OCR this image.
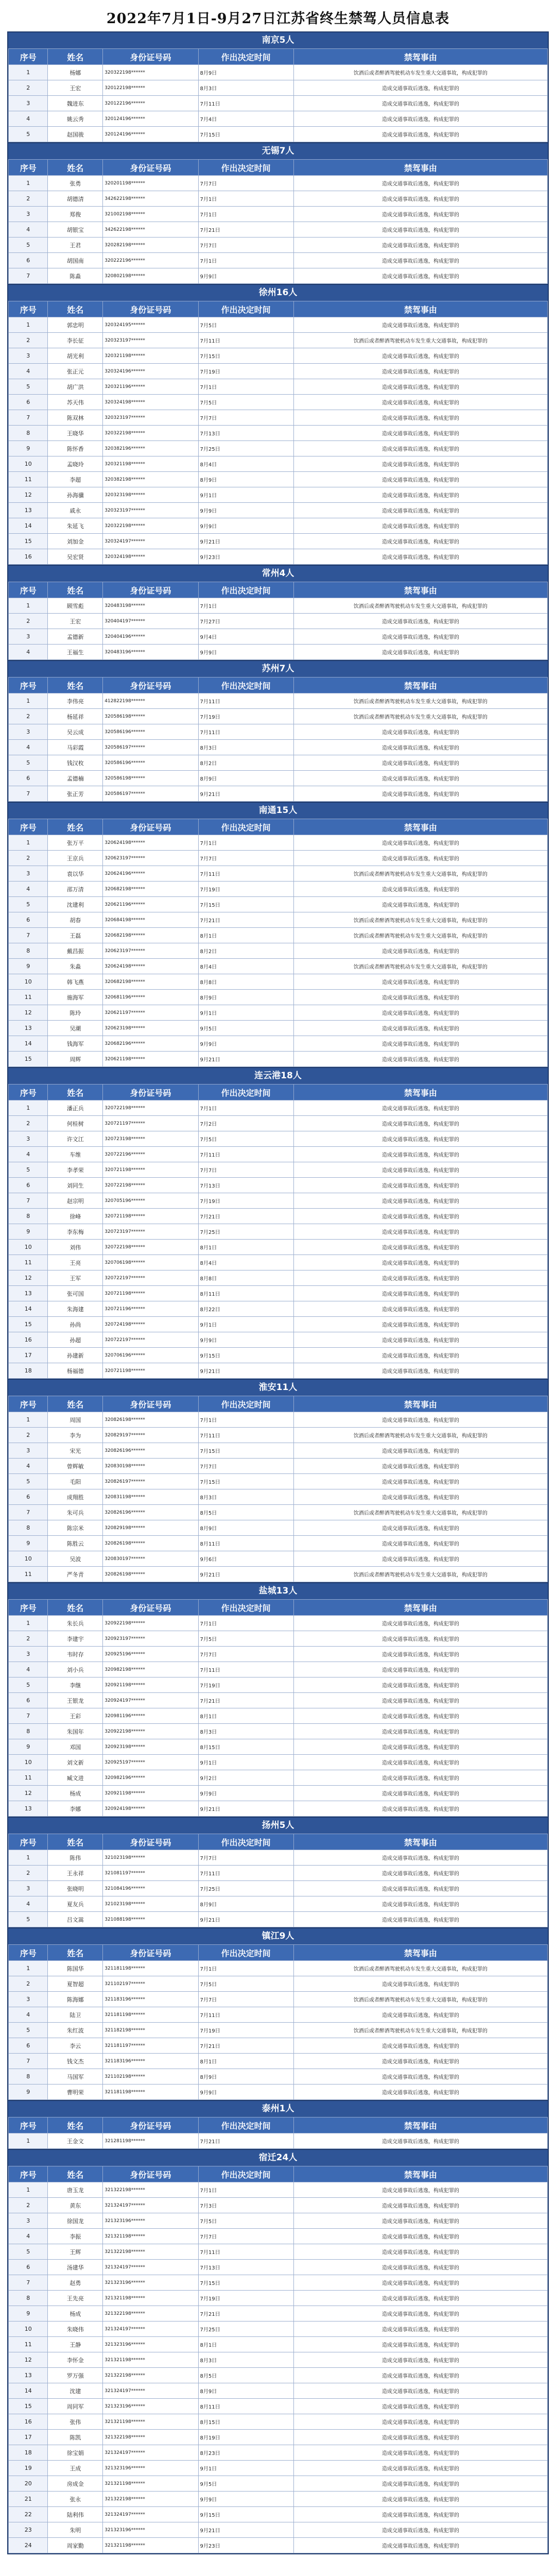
2022年7月1日-9月27日江苏省终生禁驾人员信息表
南京5人
序号	姓名	身份证号码	作出决定时间	禁驾事由
1	杨娜	320322198******	8月9日	饮酒后或者醉酒驾驶机动车发生重大交通事故，构成犯罪的
2	王宏	320122198******	8月3日	造成交通事故后逃逸，构成犯罪的
3	魏进东	320122196******	7月11日	造成交通事故后逃逸，构成犯罪的
4	姚云秀	320124196******	7月4日	造成交通事故后逃逸，构成犯罪的
5	赵国骏	320124196******	7月15日	造成交通事故后逃逸，构成犯罪的
无锡7人
序号	姓名	身份证号码	作出决定时间	禁驾事由
1	张勇	320201198******	7月7日	造成交通事故后逃逸，构成犯罪的
2	胡德清	342622198******	7月1日	造成交通事故后逃逸，构成犯罪的
3	郑俊	321002198******	7月1日	造成交通事故后逃逸，构成犯罪的
4	胡银宝	342622198******	7月21日	造成交通事故后逃逸，构成犯罪的
5	王君	320282198******	7月7日	造成交通事故后逃逸，构成犯罪的
6	胡国南	320222196******	7月1日	造成交通事故后逃逸，构成犯罪的
7	陈淼	320802198******	9月9日	造成交通事故后逃逸，构成犯罪的
徐州16人
序号	姓名	身份证号码	作出决定时间	禁驾事由
1	郭忠明	320324195******	7月5日	造成交通事故后逃逸，构成犯罪的
2	李长征	320323197******	7月11日	饮酒后或者醉酒驾驶机动车发生重大交通事故，构成犯罪的
3	胡光利	320321198******	7月15日	造成交通事故后逃逸，构成犯罪的
4	张正元	320324196******	7月19日	造成交通事故后逃逸，构成犯罪的
5	胡广洪	320321196******	7月1日	造成交通事故后逃逸，构成犯罪的
6	苏天伟	320324198******	7月5日	造成交通事故后逃逸，构成犯罪的
7	陈双林	320323197******	7月7日	造成交通事故后逃逸，构成犯罪的
8	王晓华	320322198******	7月13日	造成交通事故后逃逸，构成犯罪的
9	陈怀香	320382196******	7月25日	造成交通事故后逃逸，构成犯罪的
10	孟晓玲	320321198******	8月4日	造成交通事故后逃逸，构成犯罪的
11	李超	320382198******	8月9日	造成交通事故后逃逸，构成犯罪的
12	孙海骥	320323198******	9月1日	造成交通事故后逃逸，构成犯罪的
13	戚永	320323197******	9月9日	造成交通事故后逃逸，构成犯罪的
14	朱延飞	320322198******	9月9日	造成交通事故后逃逸，构成犯罪的
15	刘加金	320324197******	9月21日	造成交通事故后逃逸，构成犯罪的
16	吴宏贤	320324198******	9月23日	造成交通事故后逃逸，构成犯罪的
常州4人
序号	姓名	身份证号码	作出决定时间	禁驾事由
1	顾雪彪	320483198******	7月1日	饮酒后或者醉酒驾驶机动车发生重大交通事故，构成犯罪的
2	王宏	320404197******	7月27日	造成交通事故后逃逸，构成犯罪的
3	孟德新	320404196******	9月4日	造成交通事故后逃逸，构成犯罪的
4	王福生	320483196******	9月9日	造成交通事故后逃逸，构成犯罪的
苏州7人
序号	姓名	身份证号码	作出决定时间	禁驾事由
1	李伟亮	412822198******	7月11日	饮酒后或者醉酒驾驶机动车发生重大交通事故，构成犯罪的
2	杨延祥	320586198******	7月19日	饮酒后或者醉酒驾驶机动车发生重大交通事故，构成犯罪的
3	吴云成	320586196******	7月11日	造成交通事故后逃逸，构成犯罪的
4	马彩霞	320586197******	8月3日	造成交通事故后逃逸，构成犯罪的
5	钱汉枚	320586196******	8月2日	造成交通事故后逃逸，构成犯罪的
6	孟德楠	320586198******	8月9日	造成交通事故后逃逸，构成犯罪的
7	张正芳	320586197******	9月21日	造成交通事故后逃逸，构成犯罪的
南通15人
序号	姓名	身份证号码	作出决定时间	禁驾事由
1	张万平	320624198******	7月1日	造成交通事故后逃逸，构成犯罪的
2	王京兵	320623197******	7月7日	造成交通事故后逃逸，构成犯罪的
3	袁以华	320624196******	7月11日	饮酒后或者醉酒驾驶机动车发生重大交通事故，构成犯罪的
4	邵万清	320682198******	7月19日	造成交通事故后逃逸，构成犯罪的
5	沈建利	320621196******	7月15日	造成交通事故后逃逸，构成犯罪的
6	胡春	320684198******	7月21日	饮酒后或者醉酒驾驶机动车发生重大交通事故，构成犯罪的
7	王磊	320682198******	8月1日	饮酒后或者醉酒驾驶机动车发生重大交通事故，构成犯罪的
8	戴昌振	320623197******	8月2日	造成交通事故后逃逸，构成犯罪的
9	朱淼	320624198******	8月4日	饮酒后或者醉酒驾驶机动车发生重大交通事故，构成犯罪的
10	韩飞燕	320682198******	8月8日	造成交通事故后逃逸，构成犯罪的
11	施海军	320681196******	8月9日	造成交通事故后逃逸，构成犯罪的
12	陈玲	320621197******	9月1日	造成交通事故后逃逸，构成犯罪的
13	吴潮	320623198******	9月5日	造成交通事故后逃逸，构成犯罪的
14	钱海军	320682196******	9月9日	造成交通事故后逃逸，构成犯罪的
15	周辉	320621198******	9月21日	造成交通事故后逃逸，构成犯罪的
连云港18人
序号	姓名	身份证号码	作出决定时间	禁驾事由
1	潘正兵	320722198******	7月1日	造成交通事故后逃逸，构成犯罪的
2	何桂树	320721197******	7月2日	造成交通事故后逃逸，构成犯罪的
3	许文江	320723198******	7月5日	造成交通事故后逃逸，构成犯罪的
4	车维	320722196******	7月11日	造成交通事故后逃逸，构成犯罪的
5	李孝荣	320721198******	7月7日	造成交通事故后逃逸，构成犯罪的
6	刘同生	320722198******	7月13日	造成交通事故后逃逸，构成犯罪的
7	赵宗明	320705196******	7月19日	造成交通事故后逃逸，构成犯罪的
8	徐峰	320721198******	7月21日	造成交通事故后逃逸，构成犯罪的
9	李东梅	320723197******	7月25日	造成交通事故后逃逸，构成犯罪的
10	刘伟	320722198******	8月1日	造成交通事故后逃逸，构成犯罪的
11	王亮	320706198******	8月4日	造成交通事故后逃逸，构成犯罪的
12	王军	320722197******	8月8日	造成交通事故后逃逸，构成犯罪的
13	张可国	320721198******	8月11日	造成交通事故后逃逸，构成犯罪的
14	朱海建	320721196******	8月22日	造成交通事故后逃逸，构成犯罪的
15	孙尚	320724198******	9月1日	造成交通事故后逃逸，构成犯罪的
16	孙超	320722197******	9月9日	造成交通事故后逃逸，构成犯罪的
17	孙建新	320706196******	9月15日	造成交通事故后逃逸，构成犯罪的
18	杨福德	320721198******	9月21日	造成交通事故后逃逸，构成犯罪的
淮安11人
序号	姓名	身份证号码	作出决定时间	禁驾事由
1	周国	320826198******	7月1日	造成交通事故后逃逸，构成犯罪的
2	李为	320829197******	7月11日	饮酒后或者醉酒驾驶机动车发生重大交通事故，构成犯罪的
3	宋光	320826196******	7月15日	造成交通事故后逃逸，构成犯罪的
4	曾辉敏	320830198******	7月7日	造成交通事故后逃逸，构成犯罪的
5	毛阳	320826197******	7月15日	造成交通事故后逃逸，构成犯罪的
6	成翔胜	320831198******	8月3日	造成交通事故后逃逸，构成犯罪的
7	朱可兵	320826196******	8月5日	饮酒后或者醉酒驾驶机动车发生重大交通事故，构成犯罪的
8	陈宗米	320829198******	8月9日	造成交通事故后逃逸，构成犯罪的
9	陈胜云	320826198******	8月11日	造成交通事故后逃逸，构成犯罪的
10	吴波	320830197******	9月6日	造成交通事故后逃逸，构成犯罪的
11	严冬青	320826198******	9月21日	饮酒后或者醉酒驾驶机动车发生重大交通事故，构成犯罪的
盐城13人
序号	姓名	身份证号码	作出决定时间	禁驾事由
1	朱长兵	320922198******	7月1日	造成交通事故后逃逸，构成犯罪的
2	李建宇	320923197******	7月5日	造成交通事故后逃逸，构成犯罪的
3	韦时存	320925196******	7月7日	造成交通事故后逃逸，构成犯罪的
4	刘小兵	320982198******	7月11日	造成交通事故后逃逸，构成犯罪的
5	李继	320921198******	7月19日	造成交通事故后逃逸，构成犯罪的
6	王银龙	320924197******	7月21日	造成交通事故后逃逸，构成犯罪的
7	王彩	320981196******	8月1日	造成交通事故后逃逸，构成犯罪的
8	朱国年	320922198******	8月3日	造成交通事故后逃逸，构成犯罪的
9	邓国	320923198******	8月15日	造成交通事故后逃逸，构成犯罪的
10	刘文新	320925197******	9月1日	造成交通事故后逃逸，构成犯罪的
11	臧文进	320982196******	9月2日	造成交通事故后逃逸，构成犯罪的
12	杨成	320921198******	9月9日	造成交通事故后逃逸，构成犯罪的
13	李娜	320924198******	9月21日	造成交通事故后逃逸，构成犯罪的
扬州5人
序号	姓名	身份证号码	作出决定时间	禁驾事由
1	陈伟	321023198******	7月7日	造成交通事故后逃逸，构成犯罪的
2	王永祥	321081197******	7月11日	造成交通事故后逃逸，构成犯罪的
3	张晓明	321084196******	7月25日	造成交通事故后逃逸，构成犯罪的
4	夏友兵	321023198******	8月9日	造成交通事故后逃逸，构成犯罪的
5	吕文嵩	321088198******	9月21日	造成交通事故后逃逸，构成犯罪的
镇江9人
序号	姓名	身份证号码	作出决定时间	禁驾事由
1	陈国华	321181198******	7月1日	饮酒后或者醉酒驾驶机动车发生重大交通事故，构成犯罪的
2	夏智超	321102197******	7月5日	造成交通事故后逃逸，构成犯罪的
3	陈海娜	321183196******	7月7日	饮酒后或者醉酒驾驶机动车发生重大交通事故，构成犯罪的
4	陆卫	321181198******	7月11日	造成交通事故后逃逸，构成犯罪的
5	朱红波	321182198******	7月19日	饮酒后或者醉酒驾驶机动车发生重大交通事故，构成犯罪的
6	李云	321181197******	7月21日	造成交通事故后逃逸，构成犯罪的
7	钱文杰	321183196******	8月1日	造成交通事故后逃逸，构成犯罪的
8	马国军	321102198******	8月9日	造成交通事故后逃逸，构成犯罪的
9	曹明荣	321181198******	9月9日	造成交通事故后逃逸，构成犯罪的
泰州1人
序号	姓名	身份证号码	作出决定时间	禁驾事由
1	王金文	321281198******	7月21日	造成交通事故后逃逸，构成犯罪的
宿迁24人
序号	姓名	身份证号码	作出决定时间	禁驾事由
1	唐玉龙	321322198******	7月1日	造成交通事故后逃逸，构成犯罪的
2	黄东	321324197******	7月3日	造成交通事故后逃逸，构成犯罪的
3	徐国龙	321323196******	7月5日	造成交通事故后逃逸，构成犯罪的
4	李振	321321198******	7月7日	造成交通事故后逃逸，构成犯罪的
5	王辉	321322198******	7月11日	造成交通事故后逃逸，构成犯罪的
6	汤建华	321324197******	7月13日	造成交通事故后逃逸，构成犯罪的
7	赵勇	321323196******	7月15日	造成交通事故后逃逸，构成犯罪的
8	王先亮	321321198******	7月19日	造成交通事故后逃逸，构成犯罪的
9	杨成	321322198******	7月21日	造成交通事故后逃逸，构成犯罪的
10	朱晓伟	321324197******	7月25日	造成交通事故后逃逸，构成犯罪的
11	王静	321323196******	8月1日	造成交通事故后逃逸，构成犯罪的
12	李怀金	321321198******	8月3日	造成交通事故后逃逸，构成犯罪的
13	罗万强	321322198******	8月5日	造成交通事故后逃逸，构成犯罪的
14	沈建	321324197******	8月9日	造成交通事故后逃逸，构成犯罪的
15	周同军	321323196******	8月11日	造成交通事故后逃逸，构成犯罪的
16	张伟	321321198******	8月15日	造成交通事故后逃逸，构成犯罪的
17	陈凯	321322198******	8月19日	造成交通事故后逃逸，构成犯罪的
18	徐宝娟	321324197******	8月23日	造成交通事故后逃逸，构成犯罪的
19	王成	321323196******	9月1日	造成交通事故后逃逸，构成犯罪的
20	房成金	321321198******	9月5日	造成交通事故后逃逸，构成犯罪的
21	张永	321322198******	9月9日	造成交通事故后逃逸，构成犯罪的
22	陆利伟	321324197******	9月15日	造成交通事故后逃逸，构成犯罪的
23	朱明	321323196******	9月21日	造成交通事故后逃逸，构成犯罪的
24	周家勤	321321198******	9月23日	造成交通事故后逃逸，构成犯罪的
